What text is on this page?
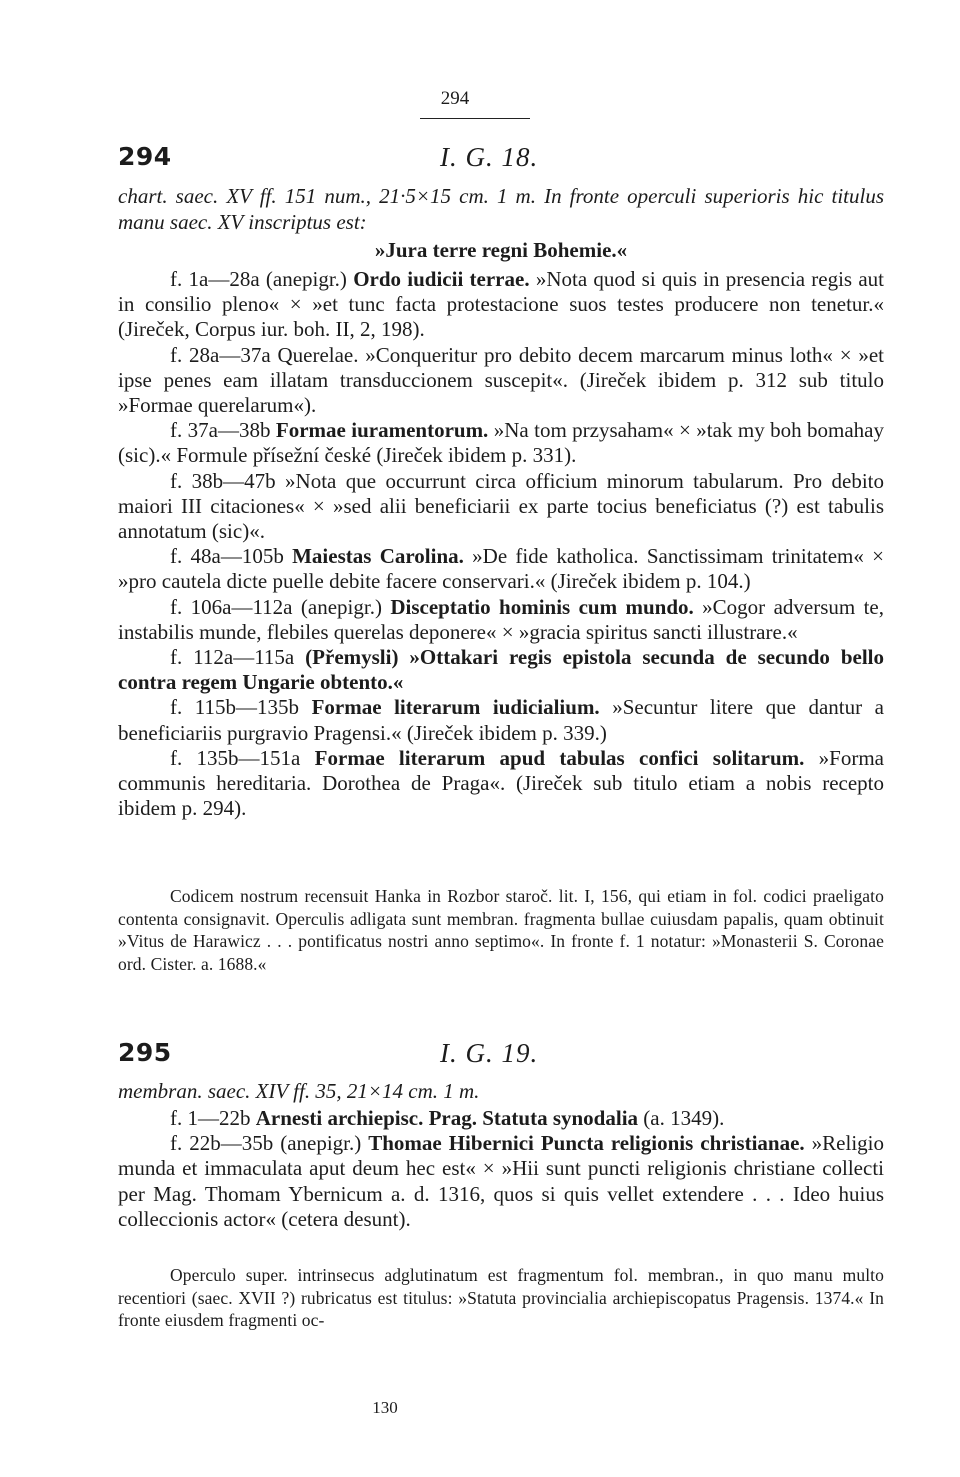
294
294	I. G. 18.

chart. saec. XV ff. 151 num., 21·5×15 cm. 1 m. In fronte operculi superioris hic titulus manu saec. XV inscriptus est:

»Jura terre regni Bohemie.«

f. 1a—28a (anepigr.) Ordo iudicii terrae. »Nota quod si quis in presencia regis aut in consilio pleno« × »et tunc facta protestacione suos testes producere non tenetur.« (Jireček, Corpus iur. boh. II, 2, 198).

f. 28a—37a Querelae. »Conqueritur pro debito decem marcarum minus loth« × »et ipse penes eam illatam transduccionem suscepit«. (Jireček ibidem p. 312 sub titulo »Formae querelarum«).

f. 37a—38b Formae iuramentorum. »Na tom przysaham« × »tak my boh bomahay (sic).« Formule přísežní české (Jireček ibidem p. 331).

f. 38b—47b »Nota que occurrunt circa officium minorum tabularum. Pro debito maiori III citaciones« × »sed alii beneficiarii ex parte tocius beneficiatus (?) est tabulis annotatum (sic)«.

f. 48a—105b Maiestas Carolina. »De fide katholica. Sanctissimam trinitatem« × »pro cautela dicte puelle debite facere conservari.« (Jireček ibidem p. 104.)

f. 106a—112a (anepigr.) Disceptatio hominis cum mundo. »Cogor adversum te, instabilis munde, flebiles querelas deponere« × »gracia spiritus sancti illustrare.«

f. 112a—115a (Přemysli) »Ottakari regis epistola secunda de secundo bello contra regem Ungarie obtento.«

f. 115b—135b Formae literarum iudicialium. »Secuntur litere que dantur a beneficiariis purgravio Pragensi.« (Jireček ibidem p. 339.)

f. 135b—151a Formae literarum apud tabulas confici solitarum. »Forma communis hereditaria. Dorothea de Praga«. (Jireček sub titulo etiam a nobis recepto ibidem p. 294).

Codicem nostrum recensuit Hanka in Rozbor staroč. lit. I, 156, qui etiam in fol. codici praeligato contenta consignavit. Operculis adligata sunt membran. fragmenta bullae cuiusdam papalis, quam obtinuit »Vitus de Harawicz . . . pontificatus nostri anno septimo«. In fronte f. 1 notatur: »Monasterii S. Coronae ord. Cister. a. 1688.«

295	I. G. 19.

membran. saec. XIV ff. 35, 21×14 cm. 1 m.

f. 1—22b Arnesti archiepisc. Prag. Statuta synodalia (a. 1349).

f. 22b—35b (anepigr.) Thomae Hibernici Puncta religionis christianae. »Religio munda et immaculata aput deum hec est« × »Hii sunt puncti religionis christiane collecti per Mag. Thomam Ybernicum a. d. 1316, quos si quis vellet extendere . . . Ideo huius colleccionis actor« (cetera desunt).

Operculo super. intrinsecus adglutinatum est fragmentum fol. membran., in quo manu multo recentiori (saec. XVII ?) rubricatus est titulus: »Statuta provincialia archiepiscopatus Pragensis. 1374.« In fronte eiusdem fragmenti oc-

130
